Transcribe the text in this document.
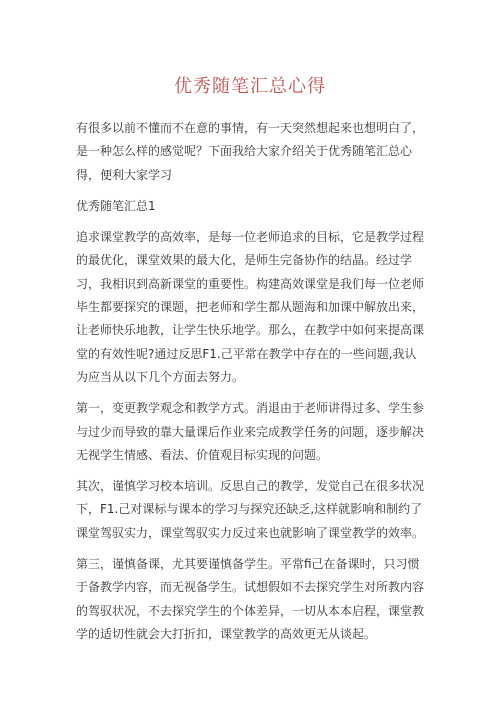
优秀随笔汇总心得

有很多以前不懂而不在意的事情，有一天突然想起来也想明白了，是一种怎么样的感觉呢？下面我给大家介绍关于优秀随笔汇总心得，便利大家学习

优秀随笔汇总1

追求课堂教学的高效率，是每一位老师追求的目标，它是教学过程的最优化，课堂效果的最大化，是师生完备协作的结晶。经过学习，我相识到高新课堂的重要性。构建高效课堂是我们每一位老师毕生都要探究的课题，把老师和学生都从题海和加课中解放出来，让老师快乐地教，让学生快乐地学。那么，在教学中如何来提高课堂的有效性呢?通过反思F1.己平常在教学中存在的一些问题,我认为应当从以下几个方面去努力。

第一，变更教学观念和教学方式。消退由于老师讲得过多、学生参与过少而导致的靠大量课后作业来完成教学任务的问题，逐步解决无视学生情感、看法、价值观目标实现的问题。

其次，谨慎学习校本培训。反思自己的教学，发觉自己在很多状况下，F1.己对课标与课本的学习与探究还缺乏,这样就影响和制约了课堂驾驭实力，课堂驾驭实力反过来也就影响了课堂教学的效率。

第三，谨慎备课，尤其要谨慎备学生。平常fi己在备课时，只习惯于备教学内容，而无视备学生。试想假如不去探究学生对所教内容的驾驭状况，不去探究学生的个体差异，一切从本本启程，课堂教学的适切性就会大打折扣，课堂教学的高效更无从谈起。
